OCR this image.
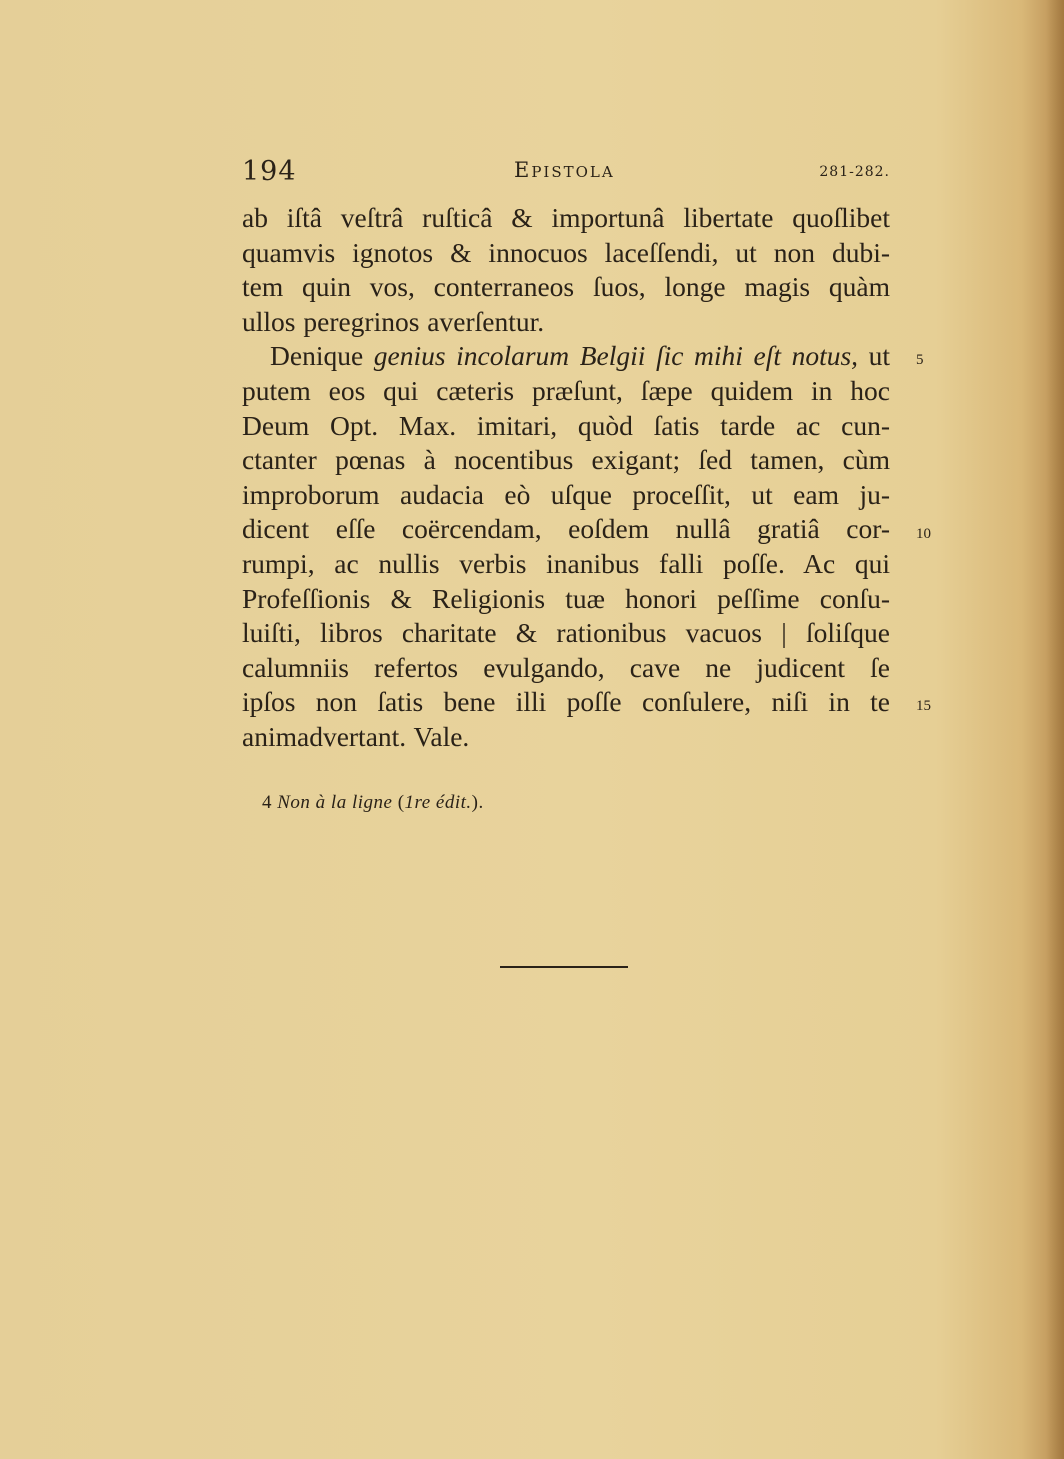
194	Epistola	281-282.
ab iſtâ veſtrâ ruſticâ & importunâ libertate quoſlibet
quamvis ignotos & innocuos laceſſendi, ut non dubi-
tem quin vos, conterraneos ſuos, longe magis quàm
ullos peregrinos averſentur.
Denique genius incolarum Belgii ſic mihi eſt notus, ut
putem eos qui cæteris præſunt, ſæpe quidem in hoc
Deum Opt. Max. imitari, quòd ſatis tarde ac cun-
ctanter pœnas à nocentibus exigant; ſed tamen, cùm
improborum audacia eò uſque proceſſit, ut eam ju-
dicent eſſe coërcendam, eoſdem nullâ gratiâ cor-
rumpi, ac nullis verbis inanibus falli poſſe. Ac qui
Profeſſionis & Religionis tuæ honori peſſime conſu-
luiſti, libros charitate & rationibus vacuos | ſoliſque
calumniis refertos evulgando, cave ne judicent ſe
ipſos non ſatis bene illi poſſe conſulere, niſi in te
animadvertant. Vale.
5
10
15
4 Non à la ligne (1re édit.).
